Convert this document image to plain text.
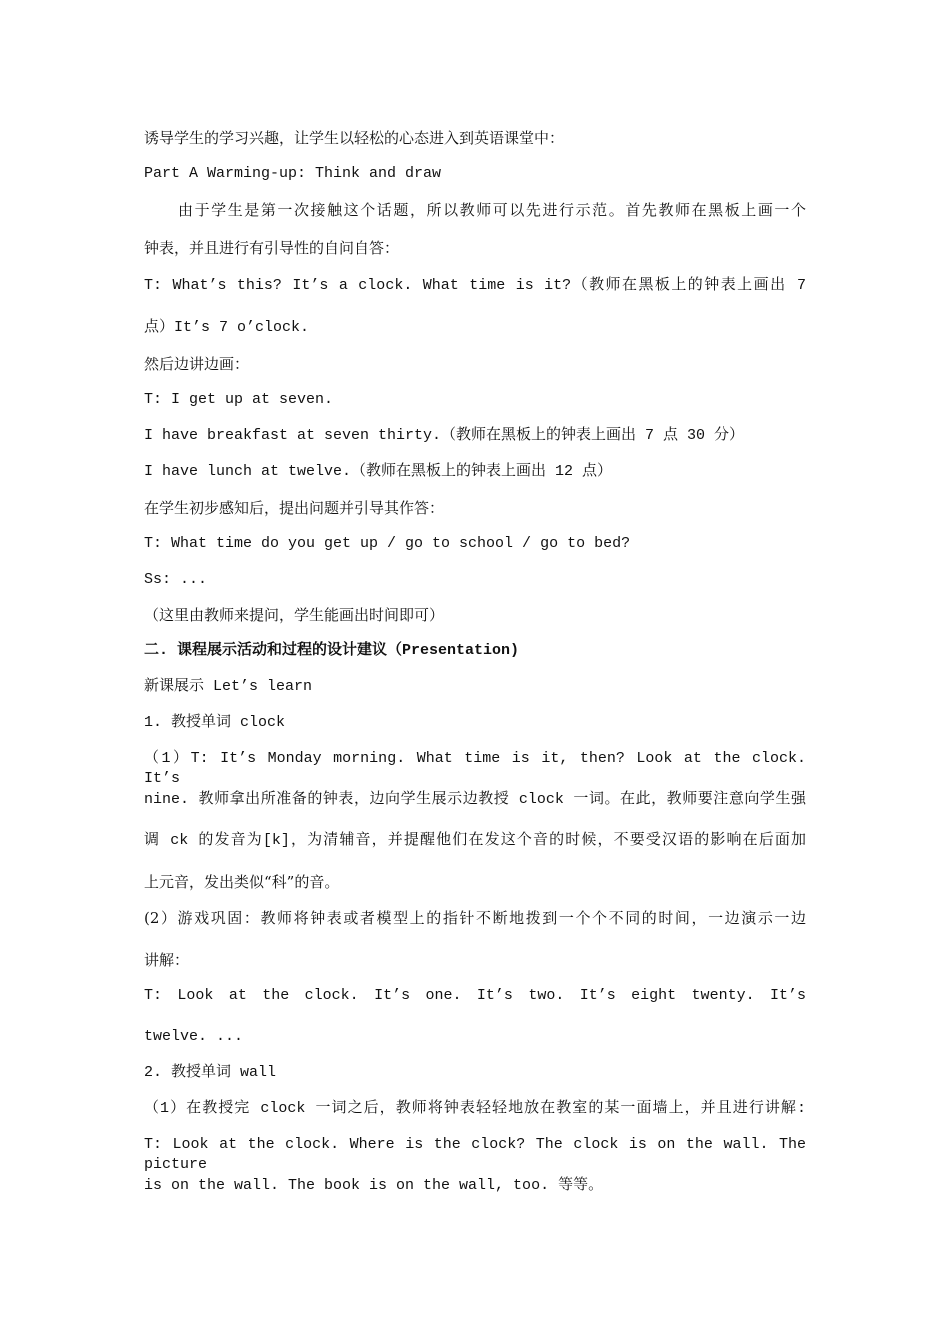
诱导学生的学习兴趣，让学生以轻松的心态进入到英语课堂中：
Part A Warming-up: Think and draw
由于学生是第一次接触这个话题，所以教师可以先进行示范。首先教师在黑板上画一个
钟表，并且进行有引导性的自问自答：
T: What’s this? It’s a clock. What time is it?（教师在黑板上的钟表上画出 7
点）It’s 7 o’clock.
然后边讲边画：
T: I get up at seven.
I have breakfast at seven thirty.（教师在黑板上的钟表上画出 7 点 30 分）
I have lunch at twelve.（教师在黑板上的钟表上画出 12 点）
在学生初步感知后，提出问题并引导其作答：
T: What time do you get up / go to school / go to bed?
Ss: ...
（这里由教师来提问，学生能画出时间即可）
二. 课程展示活动和过程的设计建议（Presentation)
新课展示 Let’s learn
1. 教授单词 clock
（1）T: It’s Monday morning. What time is it, then? Look at the clock. It’s
nine. 教师拿出所准备的钟表，边向学生展示边教授 clock 一词。在此，教师要注意向学生强
调 ck 的发音为[k]，为清辅音，并提醒他们在发这个音的时候，不要受汉语的影响在后面加
上元音，发出类似“科”的音。
(2）游戏巩固：教师将钟表或者模型上的指针不断地拨到一个个不同的时间，一边演示一边
讲解：
T: Look at the clock. It’s one. It’s two. It’s eight twenty. It’s
twelve. ...
2. 教授单词 wall
（1）在教授完 clock 一词之后，教师将钟表轻轻地放在教室的某一面墙上，并且进行讲解:
T: Look at the clock. Where is the clock? The clock is on the wall. The picture
is on the wall. The book is on the wall, too. 等等。
